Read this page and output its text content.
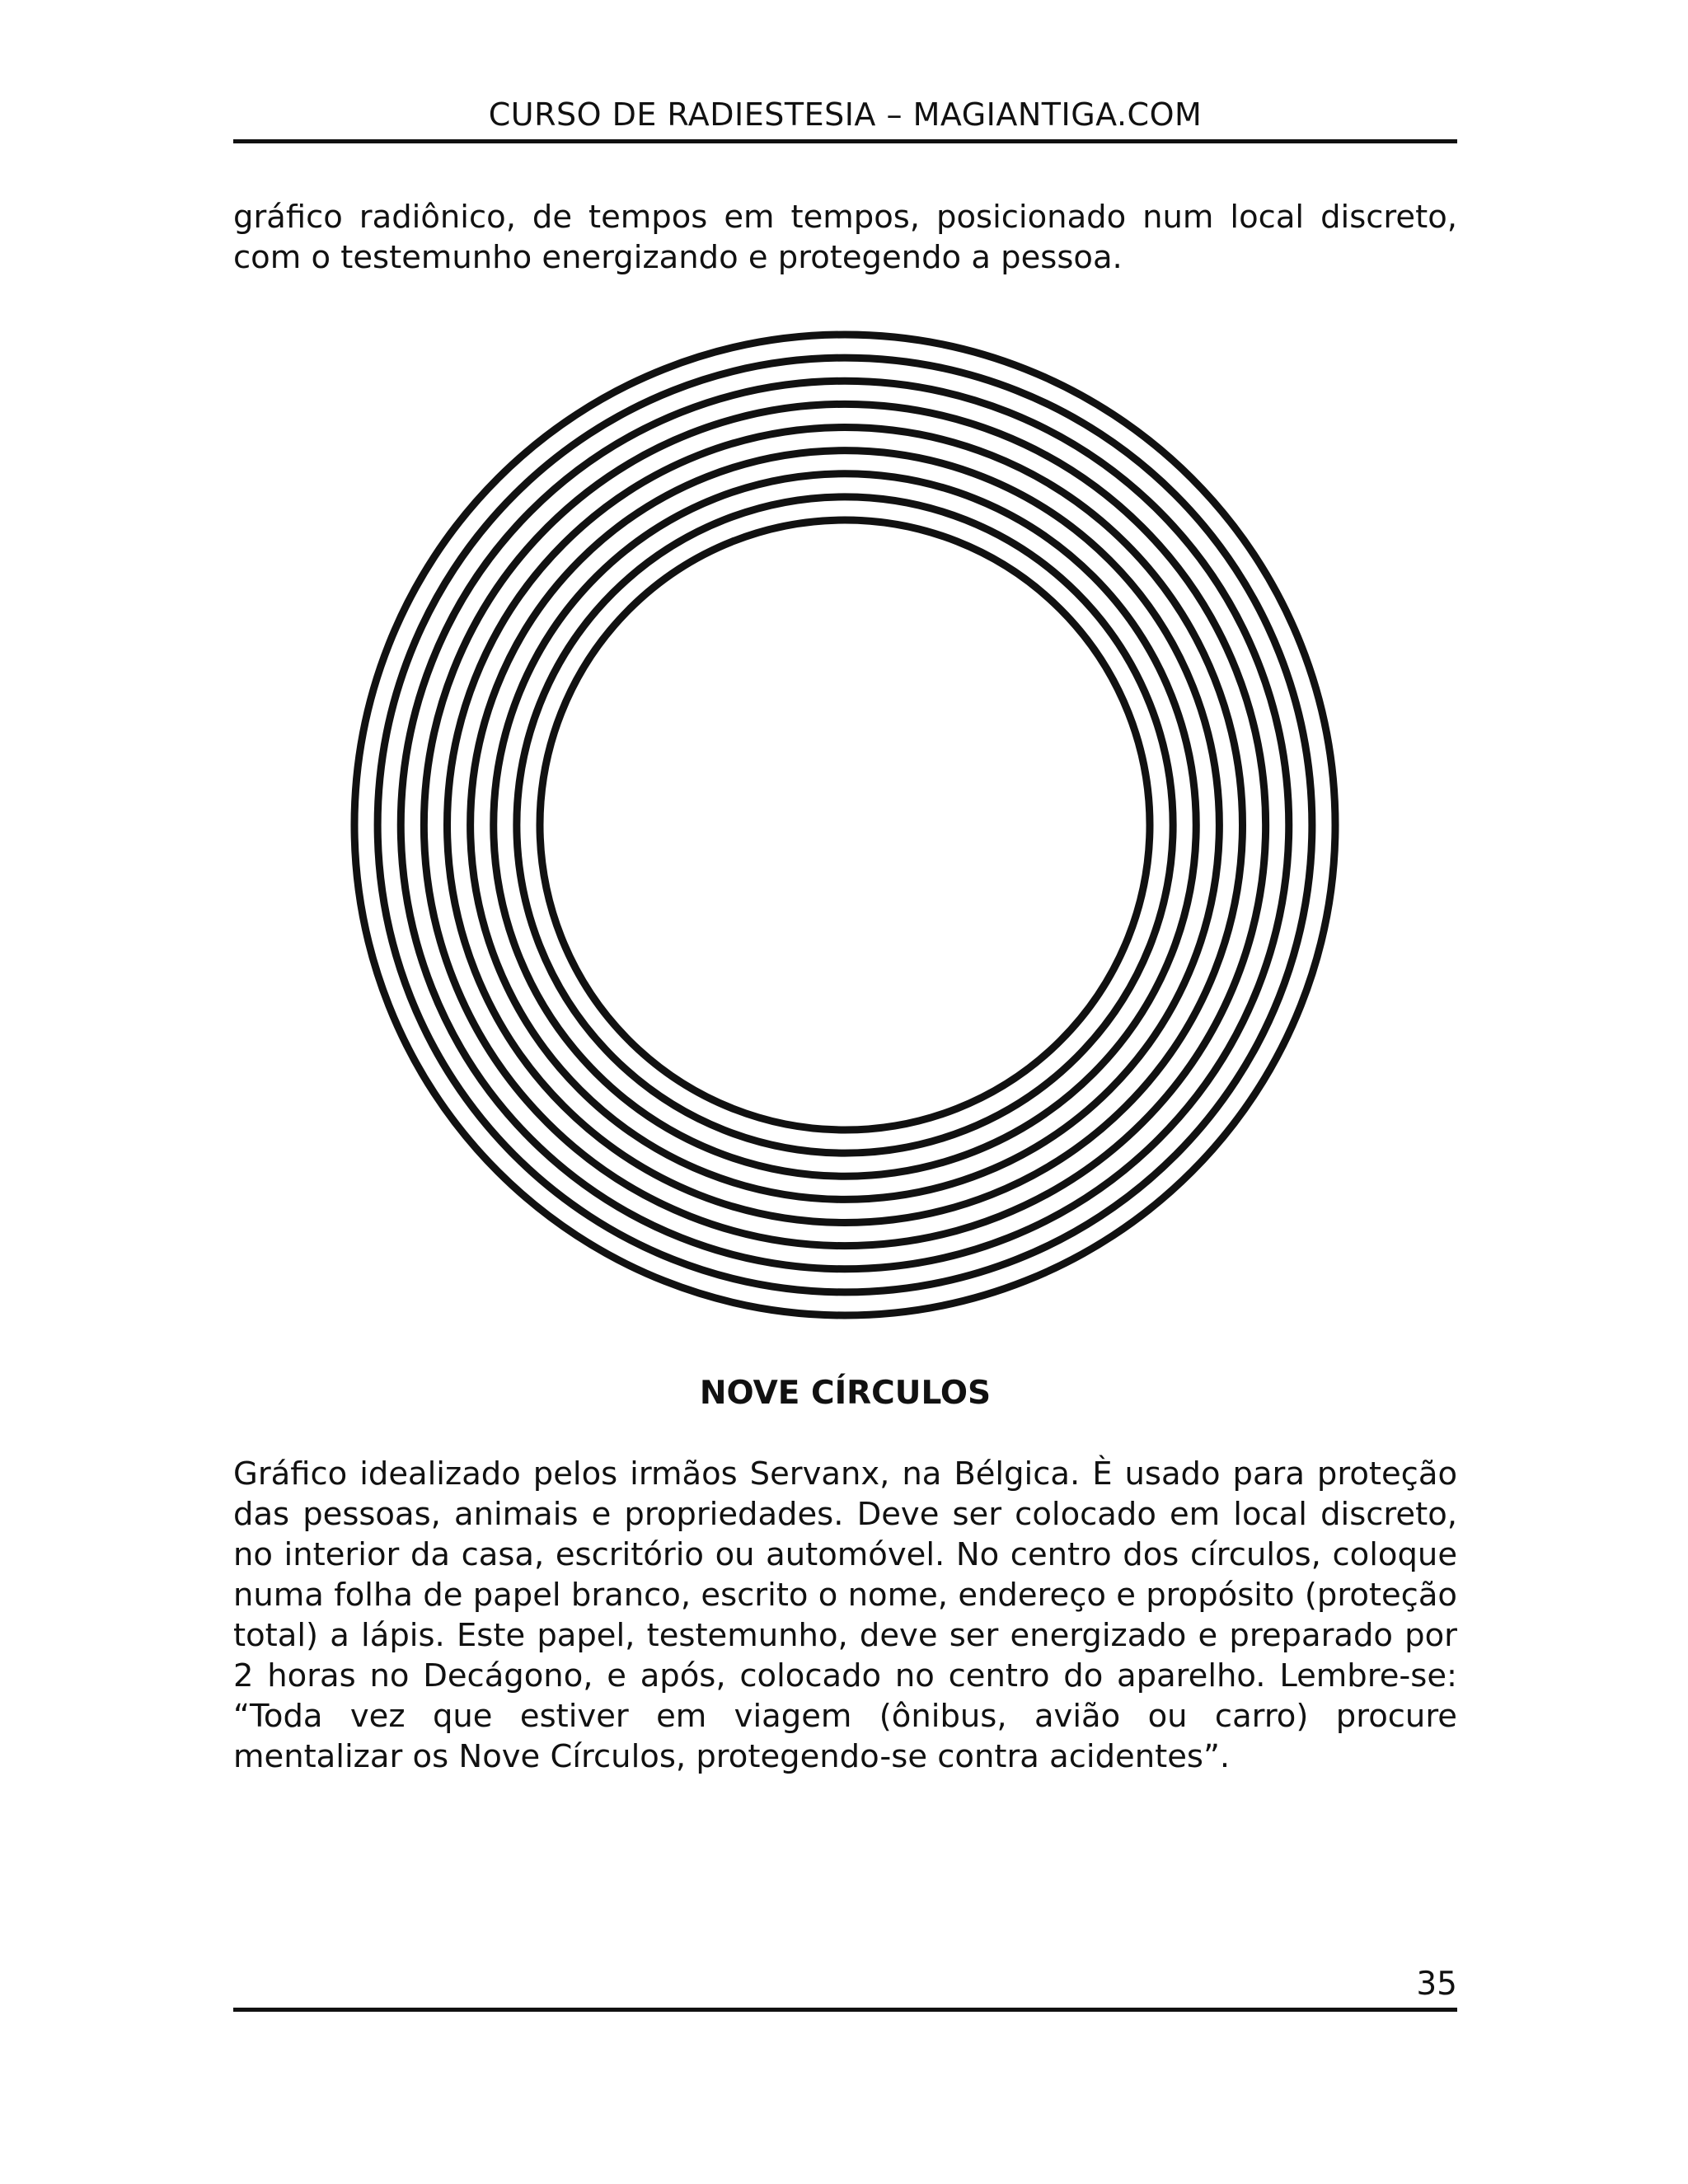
CURSO DE RADIESTESIA – MAGIANTIGA.COM

gráfico radiônico, de tempos em tempos, posicionado num local discreto, com o testemunho energizando e protegendo a pessoa.

NOVE CÍRCULOS

Gráfico idealizado pelos irmãos Servanx, na Bélgica. È usado para proteção das pessoas, animais e propriedades. Deve ser colocado em local discreto, no interior da casa, escritório ou automóvel. No centro dos círculos, coloque numa folha de papel branco, escrito o nome, endereço e propósito (proteção total) a lápis. Este papel, testemunho, deve ser energizado e preparado por 2 horas no Decágono, e após, colocado no centro do aparelho. Lembre-se: “Toda vez que estiver em viagem (ônibus, avião ou carro) procure mentalizar os Nove Círculos, protegendo-se contra acidentes”.

35
